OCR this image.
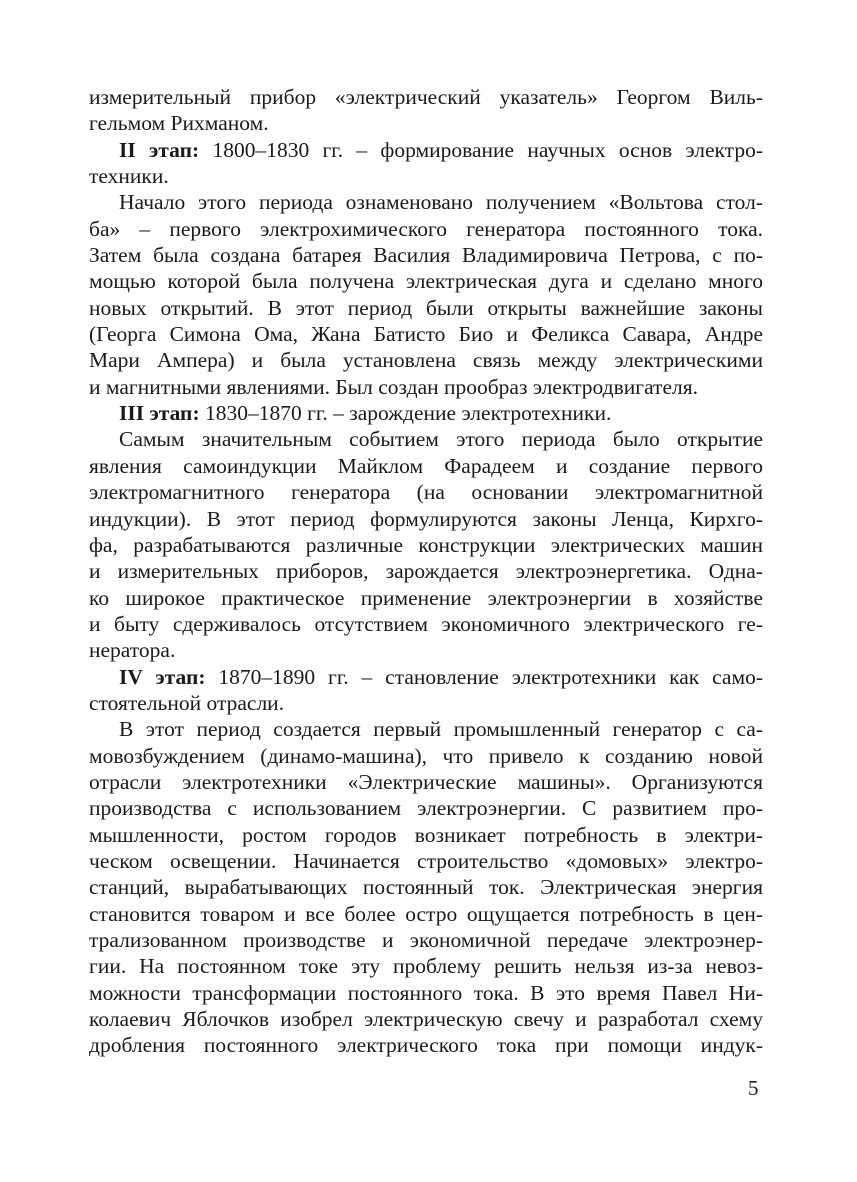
измерительный прибор «электрический указатель» Георгом Виль-
гельмом Рихманом.
II этап: 1800–1830 гг. – формирование научных основ электро-
техники.
Начало этого периода ознаменовано получением «Вольтова стол-
ба» – первого электрохимического генератора постоянного тока.
Затем была создана батарея Василия Владимировича Петрова, с по-
мощью которой была получена электрическая дуга и сделано много
новых открытий. В этот период были открыты важнейшие законы
(Георга Симона Ома, Жана Батисто Био и Феликса Савара, Андре
Мари Ампера) и была установлена связь между электрическими
и магнитными явлениями. Был создан прообраз электродвигателя.
III этап: 1830–1870 гг. – зарождение электротехники.
Самым значительным событием этого периода было открытие
явления самоиндукции Майклом Фарадеем и создание первого
электромагнитного генератора (на основании электромагнитной
индукции). В этот период формулируются законы Ленца, Кирхго-
фа, разрабатываются различные конструкции электрических машин
и измерительных приборов, зарождается электроэнергетика. Одна-
ко широкое практическое применение электроэнергии в хозяйстве
и быту сдерживалось отсутствием экономичного электрического ге-
нератора.
IV этап: 1870–1890 гг. – становление электротехники как само-
стоятельной отрасли.
В этот период создается первый промышленный генератор с са-
мовозбуждением (динамо-машина), что привело к созданию новой
отрасли электротехники «Электрические машины». Организуются
производства с использованием электроэнергии. С развитием про-
мышленности, ростом городов возникает потребность в электри-
ческом освещении. Начинается строительство «домовых» электро-
станций, вырабатывающих постоянный ток. Электрическая энергия
становится товаром и все более остро ощущается потребность в цен-
трализованном производстве и экономичной передаче электроэнер-
гии. На постоянном токе эту проблему решить нельзя из-за невоз-
можности трансформации постоянного тока. В это время Павел Ни-
колаевич Яблочков изобрел электрическую свечу и разработал схему
дробления постоянного электрического тока при помощи индук-
5
